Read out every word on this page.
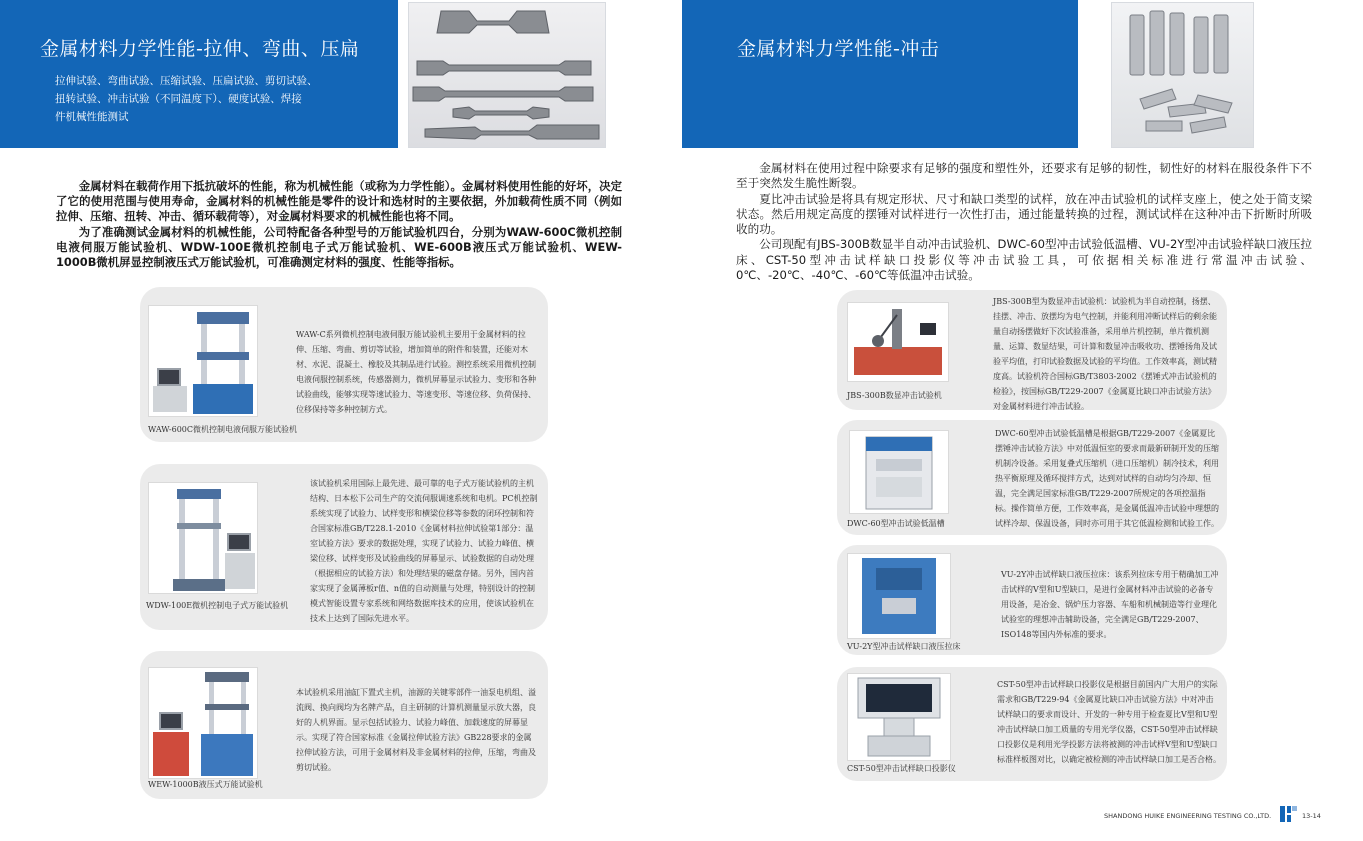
金属材料力学性能-拉伸、弯曲、压扁
拉伸试验、弯曲试验、压缩试验、压扁试验、剪切试验、
扭转试验、冲击试验（不同温度下）、硬度试验、焊接
件机械性能测试

金属材料在载荷作用下抵抗破坏的性能，称为机械性能（或称为力学性能）。金属材料使用性能的好坏，决定了它的使用范围与使用寿命，金属材料的机械性能是零件的设计和选材时的主要依据，外加载荷性质不同（例如拉伸、压缩、扭转、冲击、循环载荷等），对金属材料要求的机械性能也将不同。

为了准确测试金属材料的机械性能，公司特配备各种型号的万能试验机四台，分别为WAW-600C微机控制电液伺服万能试验机、WDW-100E微机控制电子式万能试验机、WE-600B液压式万能试验机、WEW-1000B微机屏显控制液压式万能试验机，可准确测定材料的强度、性能等指标。

WAW-C系列微机控制电液伺服万能试验机主要用于金属材料的拉伸、压缩、弯曲、剪切等试验，增加简单的附件和装置，还能对木材、水泥、混凝土、橡胶及其制品进行试验。测控系统采用微机控制电液伺服控制系统，传感器测力，微机屏幕显示试验力、变形和各种试验曲线，能够实现等速试验力、等速变形、等速位移、负荷保持、位移保持等多种控制方式。
WAW-600C微机控制电液伺服万能试验机
该试验机采用国际上最先进、最可靠的电子式万能试验机的主机结构、日本松下公司生产的交流伺服调速系统和电机。PC机控制系统实现了试验力、试样变形和横梁位移等参数的闭环控制和符合国家标准GB/T228.1-2010《金属材料拉伸试验第1部分：温室试验方法》要求的数据处理，实现了试验力、试验力峰值、横梁位移、试样变形及试验曲线的屏幕显示、试验数据的自动处理（根据相应的试验方法）和处理结果的磁盘存储。另外，国内首家实现了金属薄板r值、n值的自动测量与处理，特别设计的控制模式智能设置专家系统和网络数据库技术的应用，使该试验机在技术上达到了国际先进水平。
WDW-100E微机控制电子式万能试验机
本试验机采用油缸下置式主机，油源的关键零部件一油泵电机组、溢流阀、换向阀均为名牌产品，自主研制的计算机测量显示放大器，良好的人机界面。显示包括试验力、试验力峰值、加载速度的屏幕显示。实现了符合国家标准《金属拉伸试验方法》GB228要求的金属拉伸试验方法，可用于金属材料及非金属材料的拉伸，压缩，弯曲及剪切试验。
WEW-1000B液压式万能试验机
金属材料力学性能-冲击

金属材料在使用过程中除要求有足够的强度和塑性外，还要求有足够的韧性，韧性好的材料在服役条件下不至于突然发生脆性断裂。

夏比冲击试验是将具有规定形状、尺寸和缺口类型的试样，放在冲击试验机的试样支座上，使之处于简支梁状态。然后用规定高度的摆锤对试样进行一次性打击，通过能量转换的过程，测试试样在这种冲击下折断时所吸收的功。

公司现配有JBS-300B数显半自动冲击试验机、DWC-60型冲击试验低温槽、VU-2Y型冲击试验样缺口液压拉床、CST-50型冲击试样缺口投影仪等冲击试验工具，可依据相关标准进行常温冲击试验、0℃、-20℃、-40℃、-60℃等低温冲击试验。

JBS-300B型为数显冲击试验机：试验机为半自动控制，扬摆、挂摆、冲击、放摆均为电气控制，并能利用冲断试样后的剩余能量自动扬摆做好下次试验准备，采用单片机控制，单片微机测量、运算、数显结果，可计算和数显冲击吸收功、摆锤扬角及试验平均值，打印试验数据及试验的平均值。工作效率高，测试精度高。试验机符合国标GB/T3803-2002《摆锤式冲击试验机的检验》，按国标GB/T229-2007《金属夏比缺口冲击试验方法》对金属材料进行冲击试验。
JBS-300B数显冲击试验机
DWC-60型冲击试验低温槽是根据GB/T229-2007《金属夏比摆锤冲击试验方法》中对低温恒室的要求而最新研制开发的压缩机制冷设备。采用复叠式压缩机（进口压缩机）制冷技术，利用热平衡原理及循环搅拌方式，达到对试样的自动均匀冷却、恒温，完全满足国家标准GB/T229-2007所规定的各项控温指标。操作简单方便，工作效率高，是金属低温冲击试验中理想的试样冷却、保温设备，同时亦可用于其它低温检测和试验工作。
DWC-60型冲击试验低温槽
VU-2Y冲击试样缺口液压拉床：该系列拉床专用于精确加工冲击试样的V型和U型缺口，是进行金属材料冲击试验的必备专用设备，是冶金、锅炉压力容器、车船和机械制造等行业理化试验室的理想冲击辅助设备，完全满足GB/T229-2007、ISO148等国内外标准的要求。
VU-2Y型冲击试样缺口液压拉床
CST-50型冲击试样缺口投影仪是根据目前国内广大用户的实际需求和GB/T229-94《金属夏比缺口冲击试验方法》中对冲击试样缺口的要求而设计、开发的一种专用于检查夏比V型和U型冲击试样缺口加工质量的专用光学仪器，CST-50型冲击试样缺口投影仪是利用光学投影方法将被测的冲击试样V型和U型缺口标准样板图对比，以确定被检测的冲击试样缺口加工是否合格。
CST-50型冲击试样缺口投影仪
SHANDONG HUIKE ENGINEERING TESTING CO.,LTD.	13-14
